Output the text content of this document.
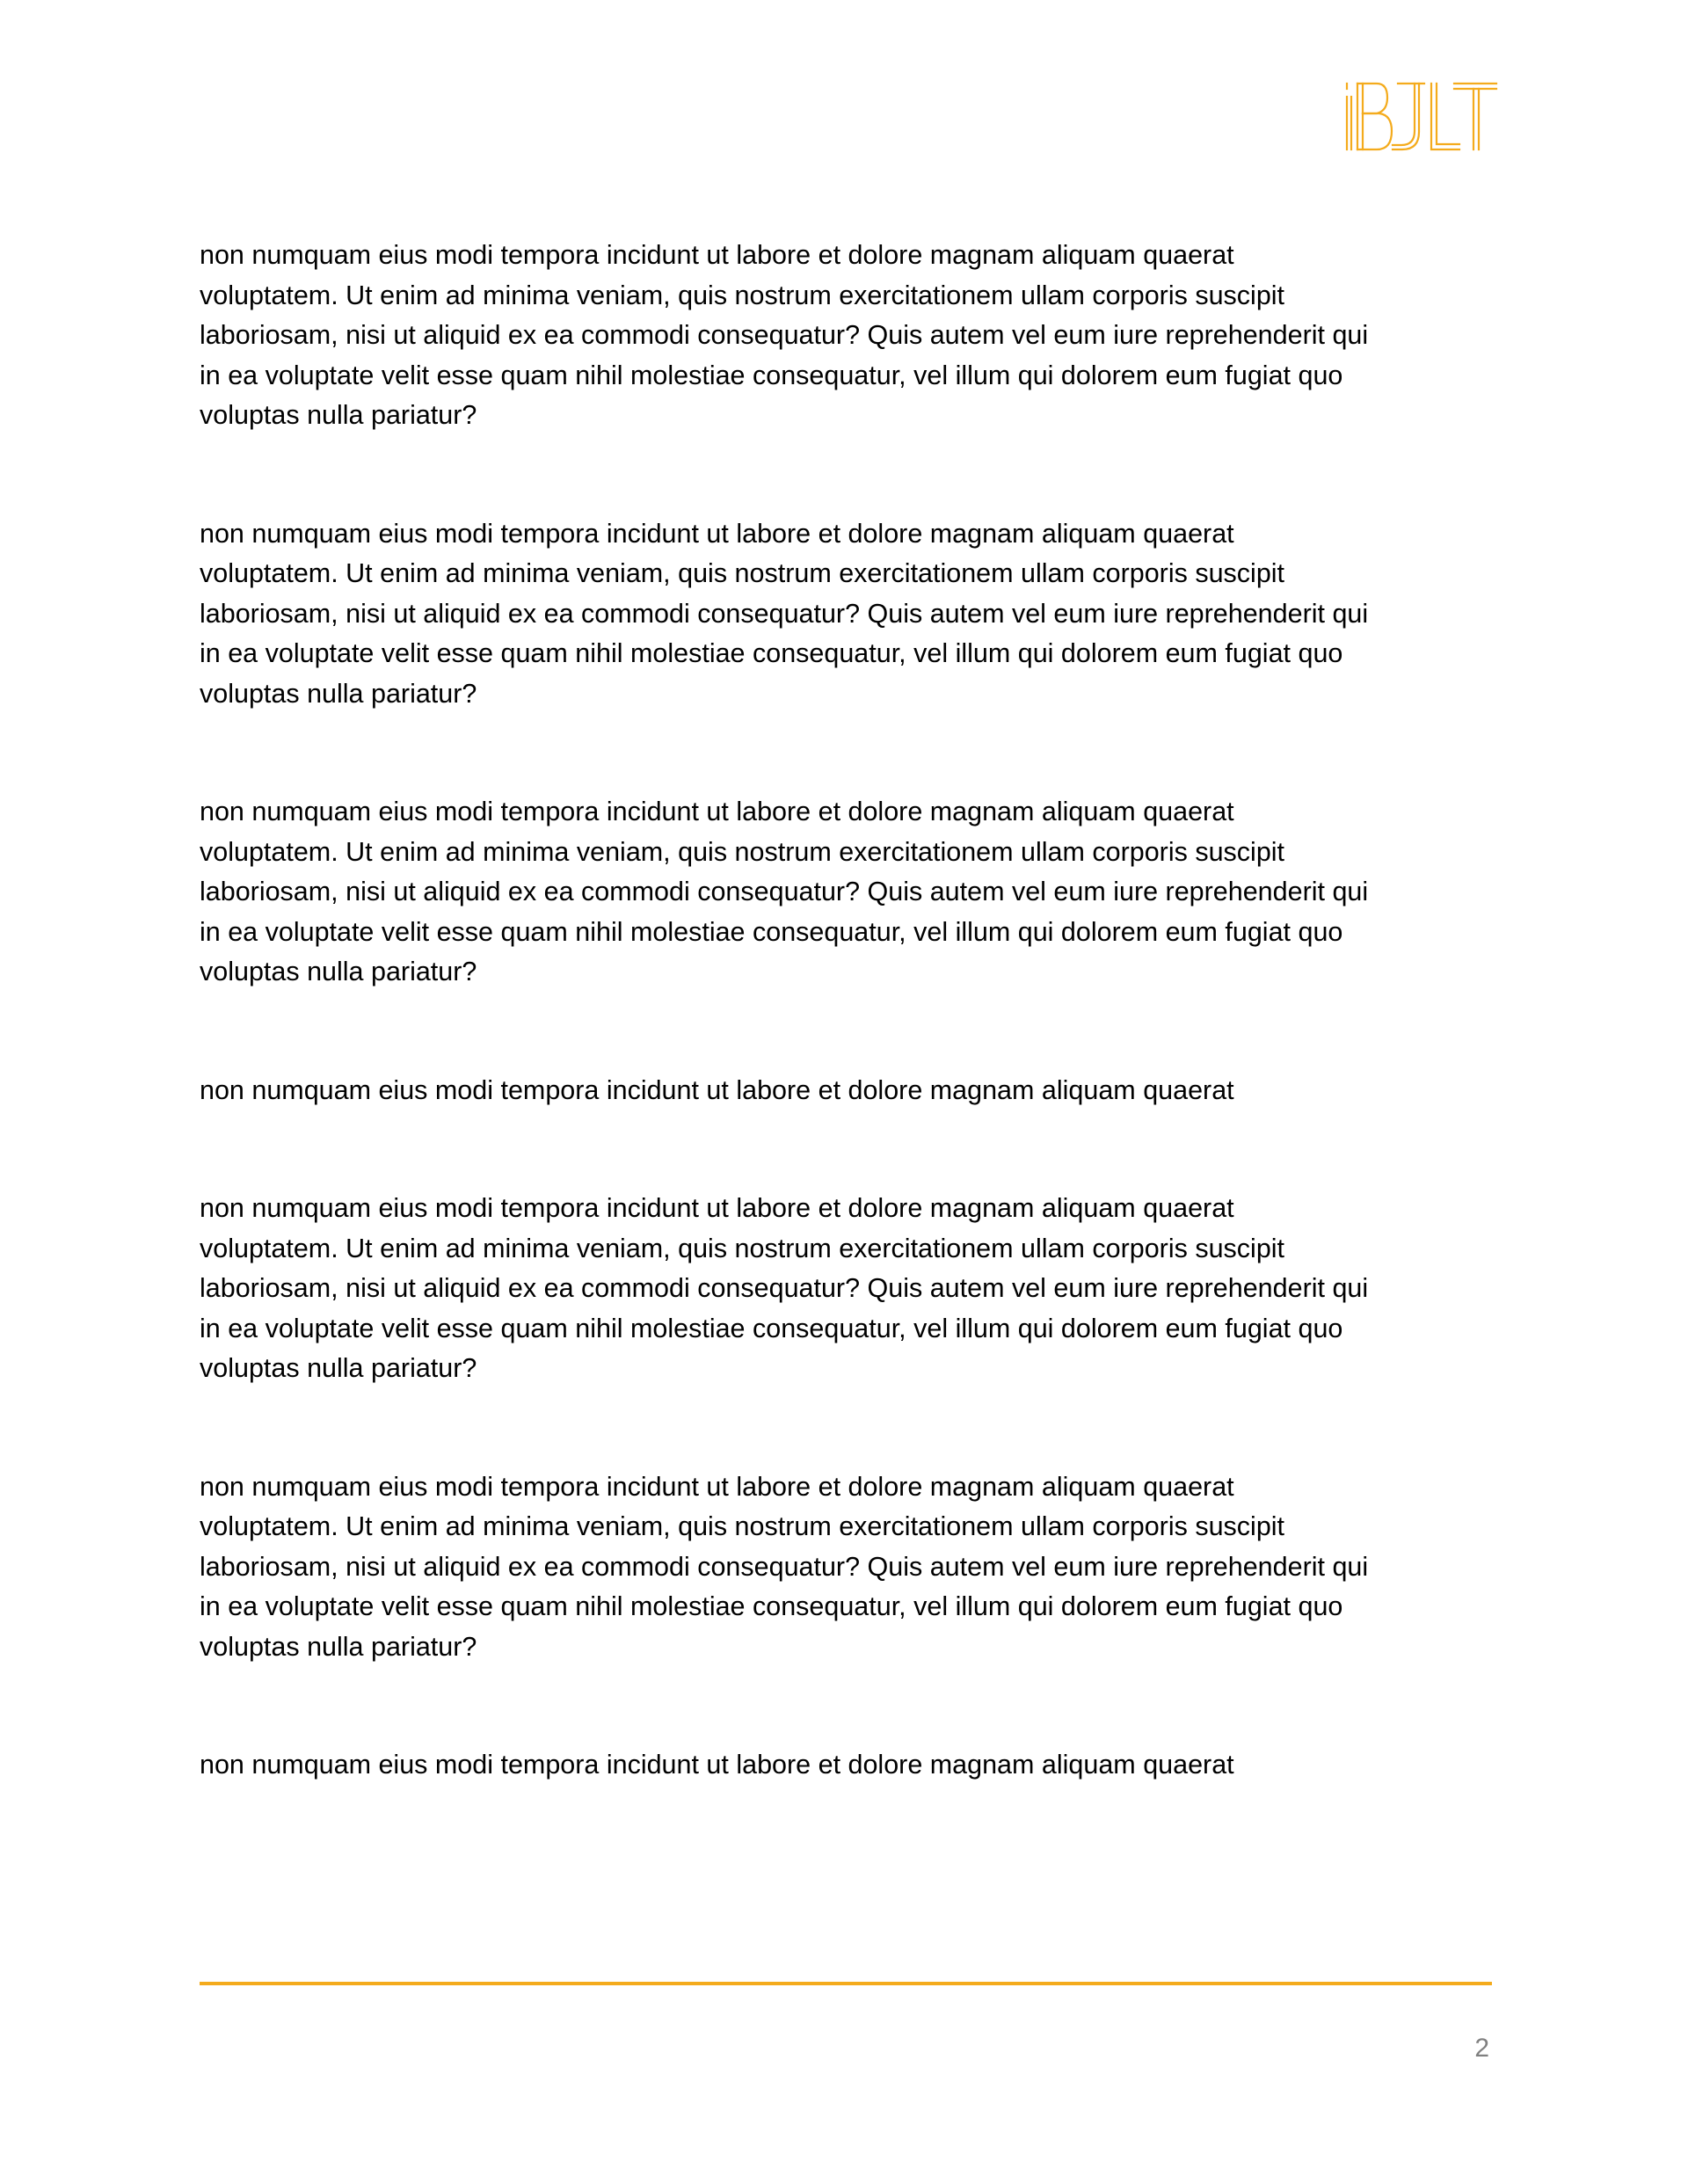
non numquam eius modi tempora incidunt ut labore et dolore magnam aliquam quaerat
voluptatem. Ut enim ad minima veniam, quis nostrum exercitationem ullam corporis suscipit
laboriosam, nisi ut aliquid ex ea commodi consequatur? Quis autem vel eum iure reprehenderit qui
in ea voluptate velit esse quam nihil molestiae consequatur, vel illum qui dolorem eum fugiat quo
voluptas nulla pariatur?

non numquam eius modi tempora incidunt ut labore et dolore magnam aliquam quaerat
voluptatem. Ut enim ad minima veniam, quis nostrum exercitationem ullam corporis suscipit
laboriosam, nisi ut aliquid ex ea commodi consequatur? Quis autem vel eum iure reprehenderit qui
in ea voluptate velit esse quam nihil molestiae consequatur, vel illum qui dolorem eum fugiat quo
voluptas nulla pariatur?

non numquam eius modi tempora incidunt ut labore et dolore magnam aliquam quaerat
voluptatem. Ut enim ad minima veniam, quis nostrum exercitationem ullam corporis suscipit
laboriosam, nisi ut aliquid ex ea commodi consequatur? Quis autem vel eum iure reprehenderit qui
in ea voluptate velit esse quam nihil molestiae consequatur, vel illum qui dolorem eum fugiat quo
voluptas nulla pariatur?

non numquam eius modi tempora incidunt ut labore et dolore magnam aliquam quaerat

non numquam eius modi tempora incidunt ut labore et dolore magnam aliquam quaerat
voluptatem. Ut enim ad minima veniam, quis nostrum exercitationem ullam corporis suscipit
laboriosam, nisi ut aliquid ex ea commodi consequatur? Quis autem vel eum iure reprehenderit qui
in ea voluptate velit esse quam nihil molestiae consequatur, vel illum qui dolorem eum fugiat quo
voluptas nulla pariatur?

non numquam eius modi tempora incidunt ut labore et dolore magnam aliquam quaerat
voluptatem. Ut enim ad minima veniam, quis nostrum exercitationem ullam corporis suscipit
laboriosam, nisi ut aliquid ex ea commodi consequatur? Quis autem vel eum iure reprehenderit qui
in ea voluptate velit esse quam nihil molestiae consequatur, vel illum qui dolorem eum fugiat quo
voluptas nulla pariatur?

non numquam eius modi tempora incidunt ut labore et dolore magnam aliquam quaerat

2
